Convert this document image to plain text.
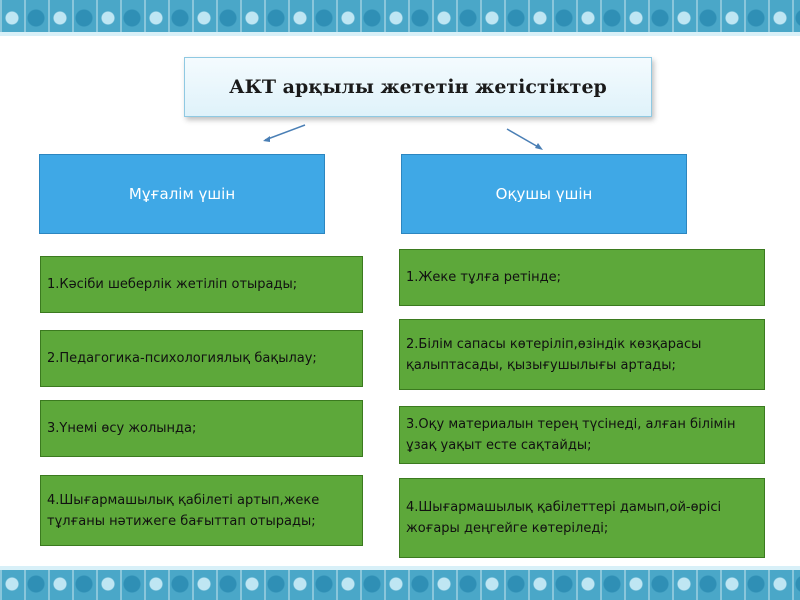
АКТ арқылы жететін жетістіктер
Мұғалім үшін	Оқушы үшін
1.Кәсіби шеберлік жетіліп отырады;
2.Педагогика-психологиялық бақылау;
3.Үнемі өсу жолында;
4.Шығармашылық қабілеті артып,жеке тұлғаны нәтижеге бағыттап отырады;
1.Жеке тұлға ретінде;
2.Білім сапасы көтеріліп,өзіндік көзқарасы қалыптасады, қызығушылығы артады;
3.Оқу материалын терең түсінеді, алған білімін ұзақ уақыт есте сақтайды;
4.Шығармашылық қабілеттері дамып,ой-өрісі жоғары деңгейге көтеріледі;
